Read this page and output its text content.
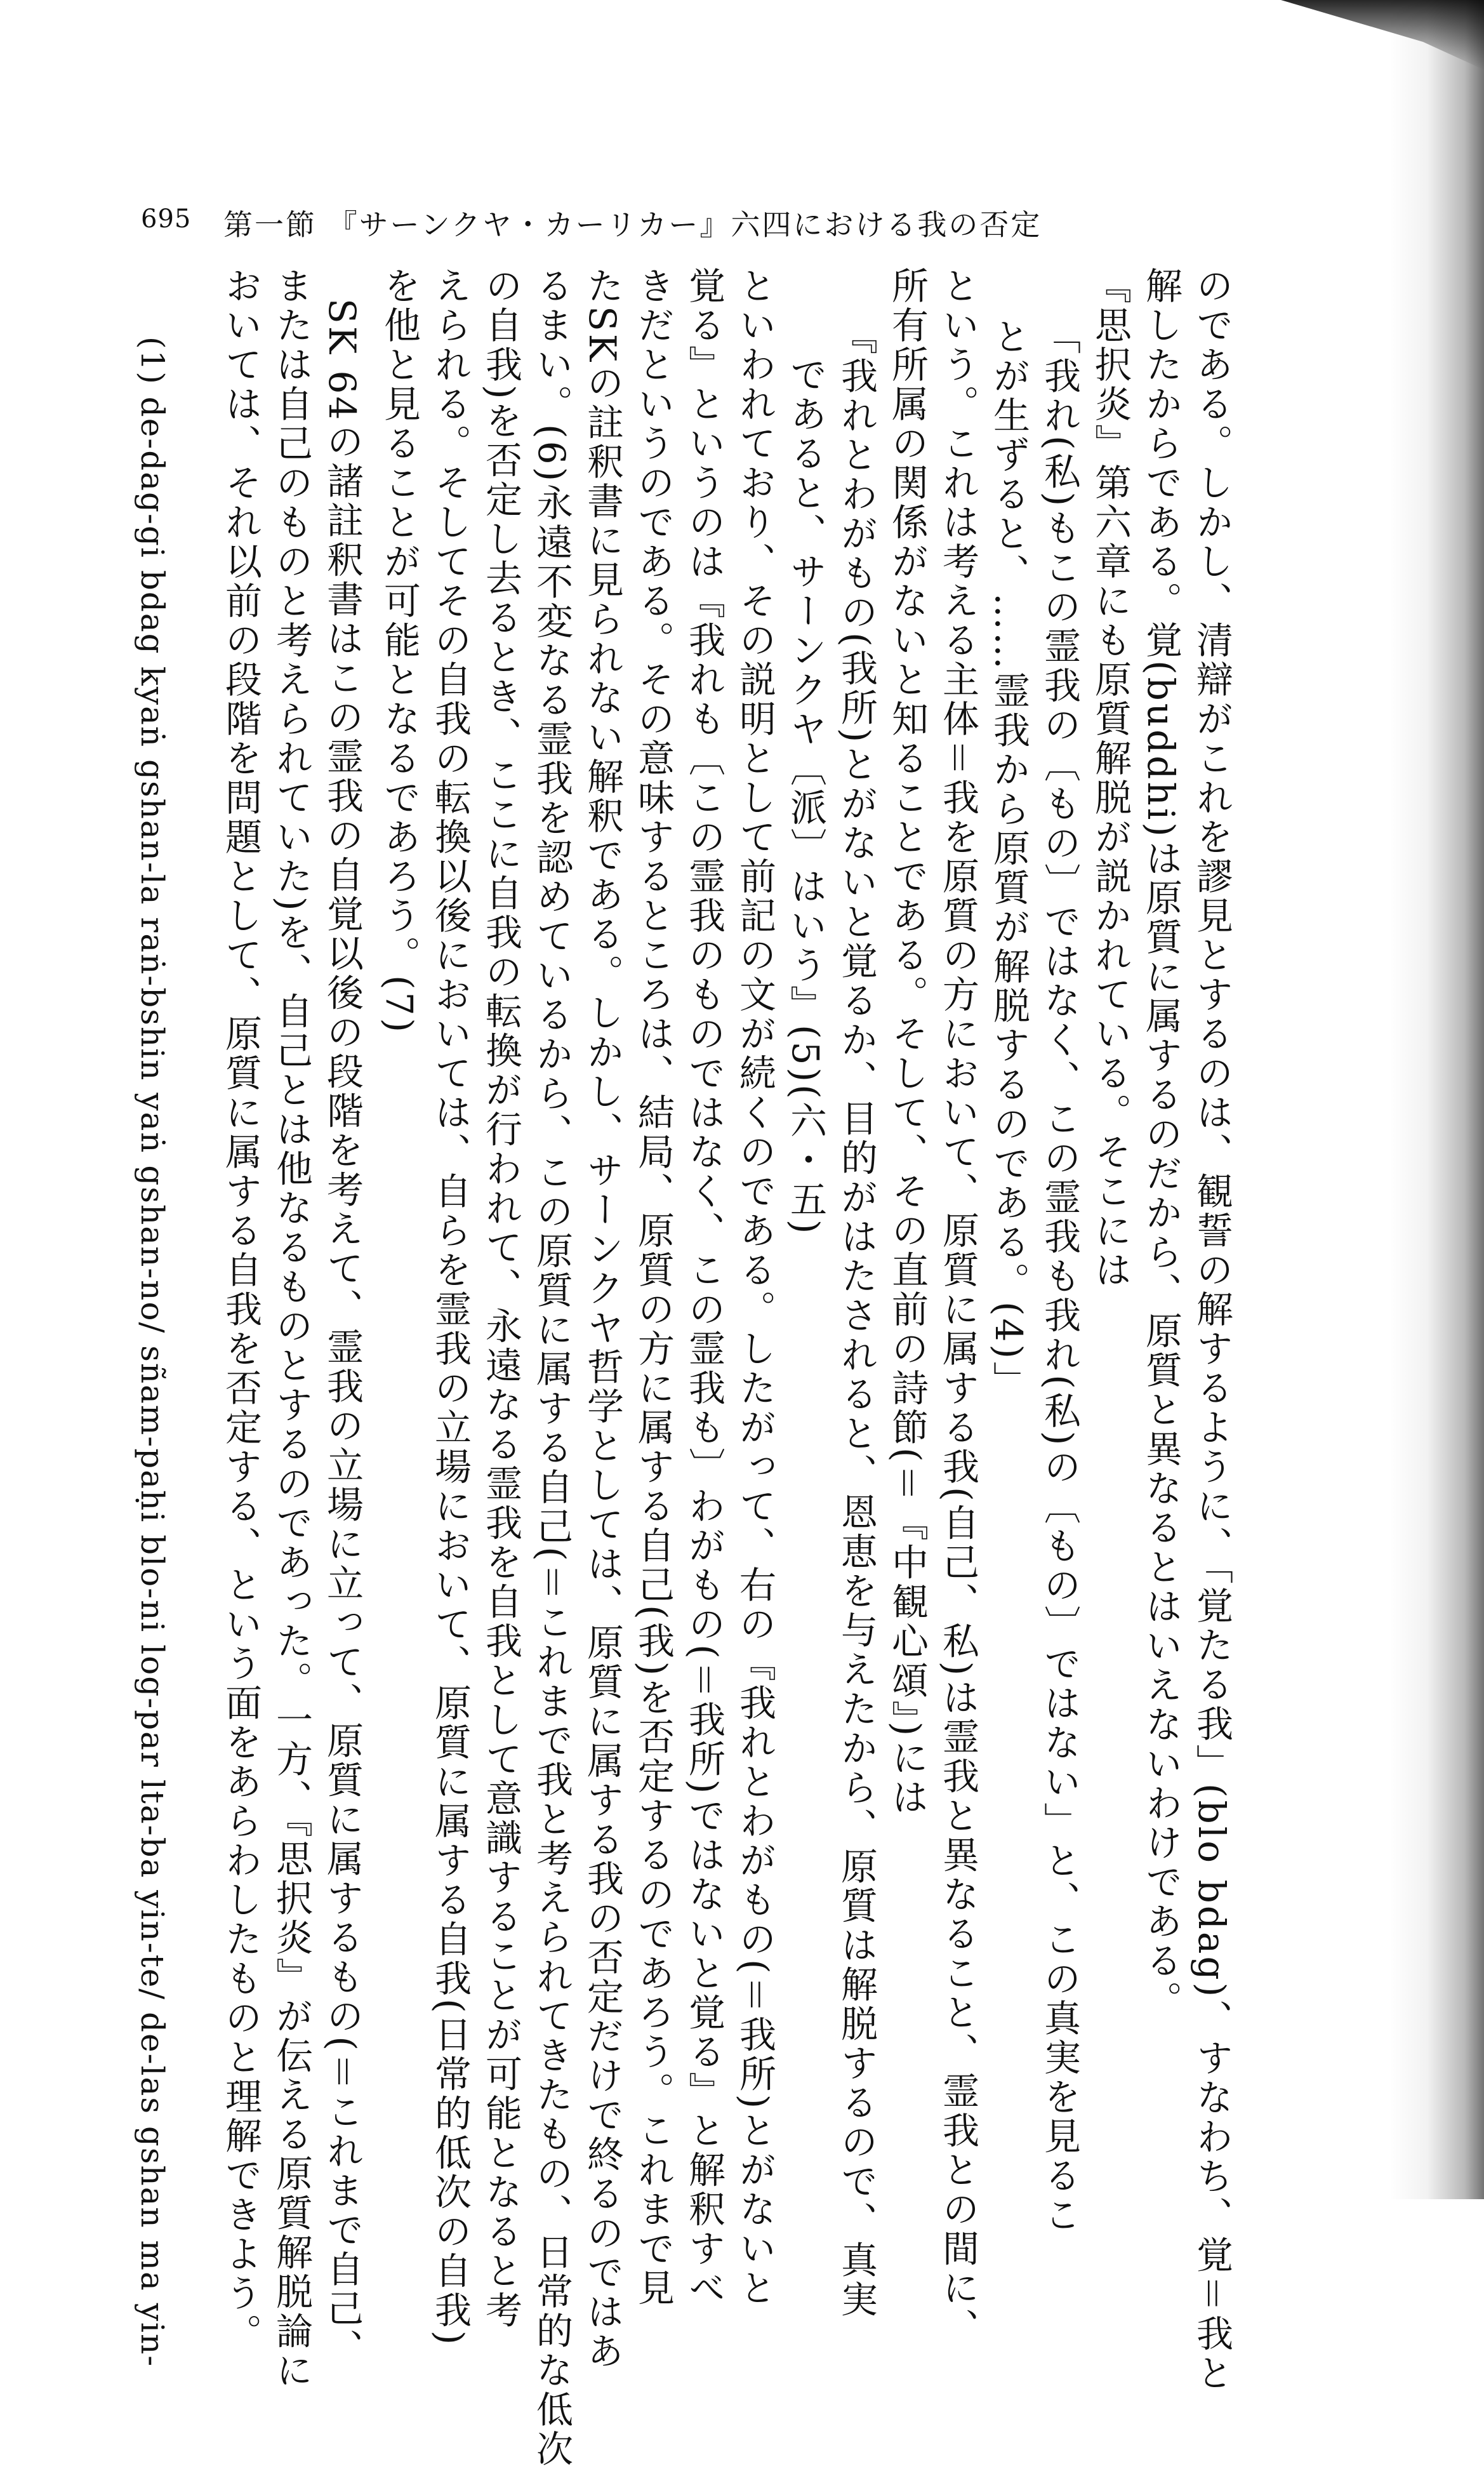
695 第一節 『サーンクヤ・カーリカー』六四における我の否定
のである。しかし、清辯がこれを謬見とするのは、観誓の解するように、「覚たる我」(blo bdag)、すなわち、覚＝我と
解したからである。覚(buddhi)は原質に属するのだから、原質と異なるとはいえないわけである。
『思択炎』第六章にも原質解脱が説かれている。そこには
「我れ(私)もこの霊我の〔もの〕ではなく、この霊我も我れ(私)の〔もの〕ではない」と、この真実を見るこ
とが生ずると、……霊我から原質が解脱するのである。(4)」
という。これは考える主体＝我を原質の方において、原質に属する我(自己、私)は霊我と異なること、霊我との間に、
所有所属の関係がないと知ることである。そして、その直前の詩節(＝『中観心頌』)には
『我れとわがもの(我所)とがないと覚るか、目的がはたされると、恩恵を与えたから、原質は解脱するので、真実
であると、サーンクヤ〔派〕はいう』(5)(六・五)
といわれており、その説明として前記の文が続くのである。したがって、右の『我れとわがもの(＝我所)とがないと
覚る』というのは『我れも〔この霊我のものではなく、この霊我も〕わがもの(＝我所)ではないと覚る』と解釈すべ
きだというのである。その意味するところは、結局、原質の方に属する自己(我)を否定するのであろう。これまで見
たSKの註釈書に見られない解釈である。しかし、サーンクヤ哲学としては、原質に属する我の否定だけで終るのではあ
るまい。(6)永遠不変なる霊我を認めているから、この原質に属する自己(＝これまで我と考えられてきたもの、日常的な低次
の自我)を否定し去るとき、ここに自我の転換が行われて、永遠なる霊我を自我として意識することが可能となると考
えられる。そしてその自我の転換以後においては、自らを霊我の立場において、原質に属する自我(日常的低次の自我)
を他と見ることが可能となるであろう。(7)
SK 64の諸註釈書はこの霊我の自覚以後の段階を考えて、霊我の立場に立って、原質に属するもの(＝これまで自己、
または自己のものと考えられていた)を、自己とは他なるものとするのであった。一方、『思択炎』が伝える原質解脱論に
おいては、それ以前の段階を問題として、原質に属する自我を否定する、という面をあらわしたものと理解できよう。
(1) de-dag-gi bdag kyaṅ gshan-la raṅ-bshin yaṅ gshan-no/ sñam-paḥi blo-ni log-par lta-ba yin-te/ de-las gshan ma yin-
